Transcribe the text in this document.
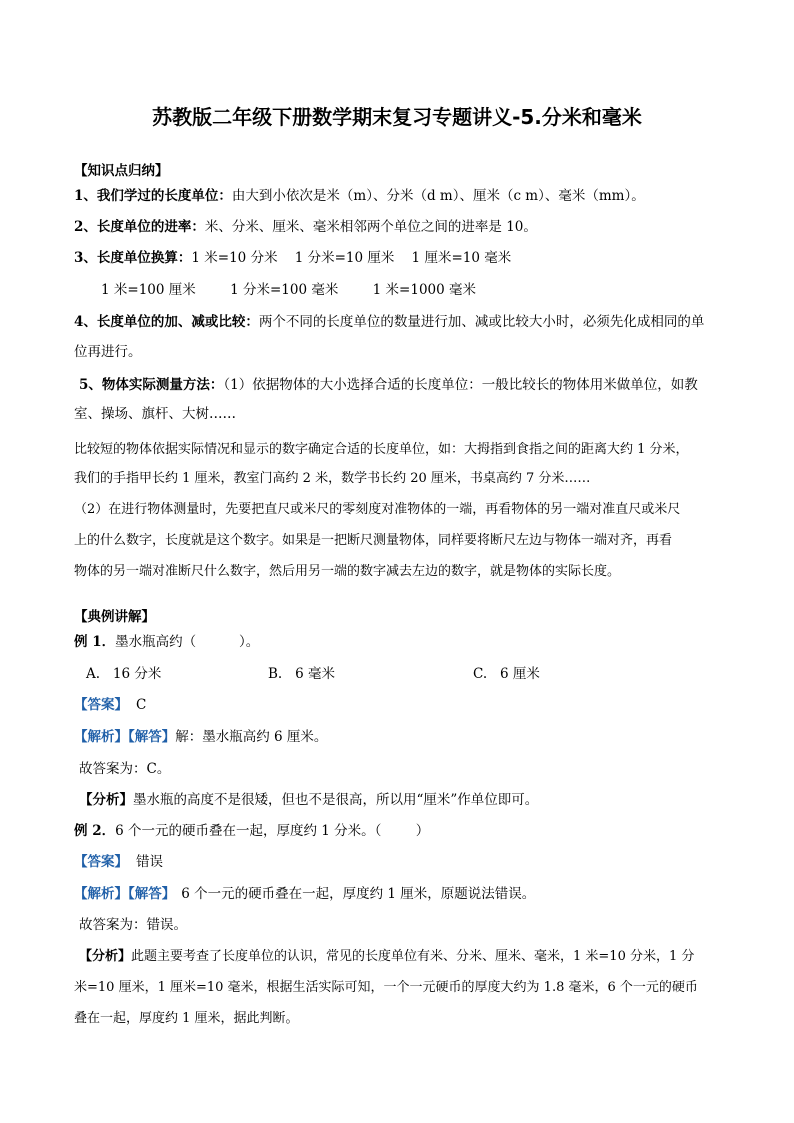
苏教版二年级下册数学期末复习专题讲义-5.分米和毫米
【知识点归纳】
1、我们学过的长度单位：由大到小依次是米（m）、分米（d m）、厘米（c m）、毫米（mm）。
2、长度单位的进率：米、分米、厘米、毫米相邻两个单位之间的进率是 10。
3、长度单位换算：1 米=10 分米    1 分米=10 厘米    1 厘米=10 毫米
1 米=100 厘米        1 分米=100 毫米        1 米=1000 毫米
4、长度单位的加、减或比较：两个不同的长度单位的数量进行加、减或比较大小时，必须先化成相同的单
位再进行。
5、物体实际测量方法：（1）依据物体的大小选择合适的长度单位：一般比较长的物体用米做单位，如教
室、操场、旗杆、大树……
比较短的物体依据实际情况和显示的数字确定合适的长度单位，如：大拇指到食指之间的距离大约 1 分米，
我们的手指甲长约 1 厘米，教室门高约 2 米，数学书长约 20 厘米，书桌高约 7 分米……
（2）在进行物体测量时，先要把直尺或米尺的零刻度对准物体的一端，再看物体的另一端对准直尺或米尺
上的什么数字，长度就是这个数字。如果是一把断尺测量物体，同样要将断尺左边与物体一端对齐，再看
物体的另一端对准断尺什么数字，然后用另一端的数字减去左边的数字，就是物体的实际长度。
【典例讲解】
例 1．墨水瓶高约（          ）。
A.   16 分米	B.   6 毫米	C.   6 厘米
【答案】 C
【解析】【解答】解：墨水瓶高约 6 厘米。
故答案为：C。
【分析】墨水瓶的高度不是很矮，但也不是很高，所以用“厘米”作单位即可。
例 2．6 个一元的硬币叠在一起，厚度约 1 分米。（        ）
【答案】 错误
【解析】【解答】 6 个一元的硬币叠在一起，厚度约 1 厘米，原题说法错误。
故答案为：错误。
【分析】此题主要考查了长度单位的认识，常见的长度单位有米、分米、厘米、毫米，1 米=10 分米，1 分
米=10 厘米，1 厘米=10 毫米，根据生活实际可知，一个一元硬币的厚度大约为 1.8 毫米，6 个一元的硬币
叠在一起，厚度约 1 厘米，据此判断。
